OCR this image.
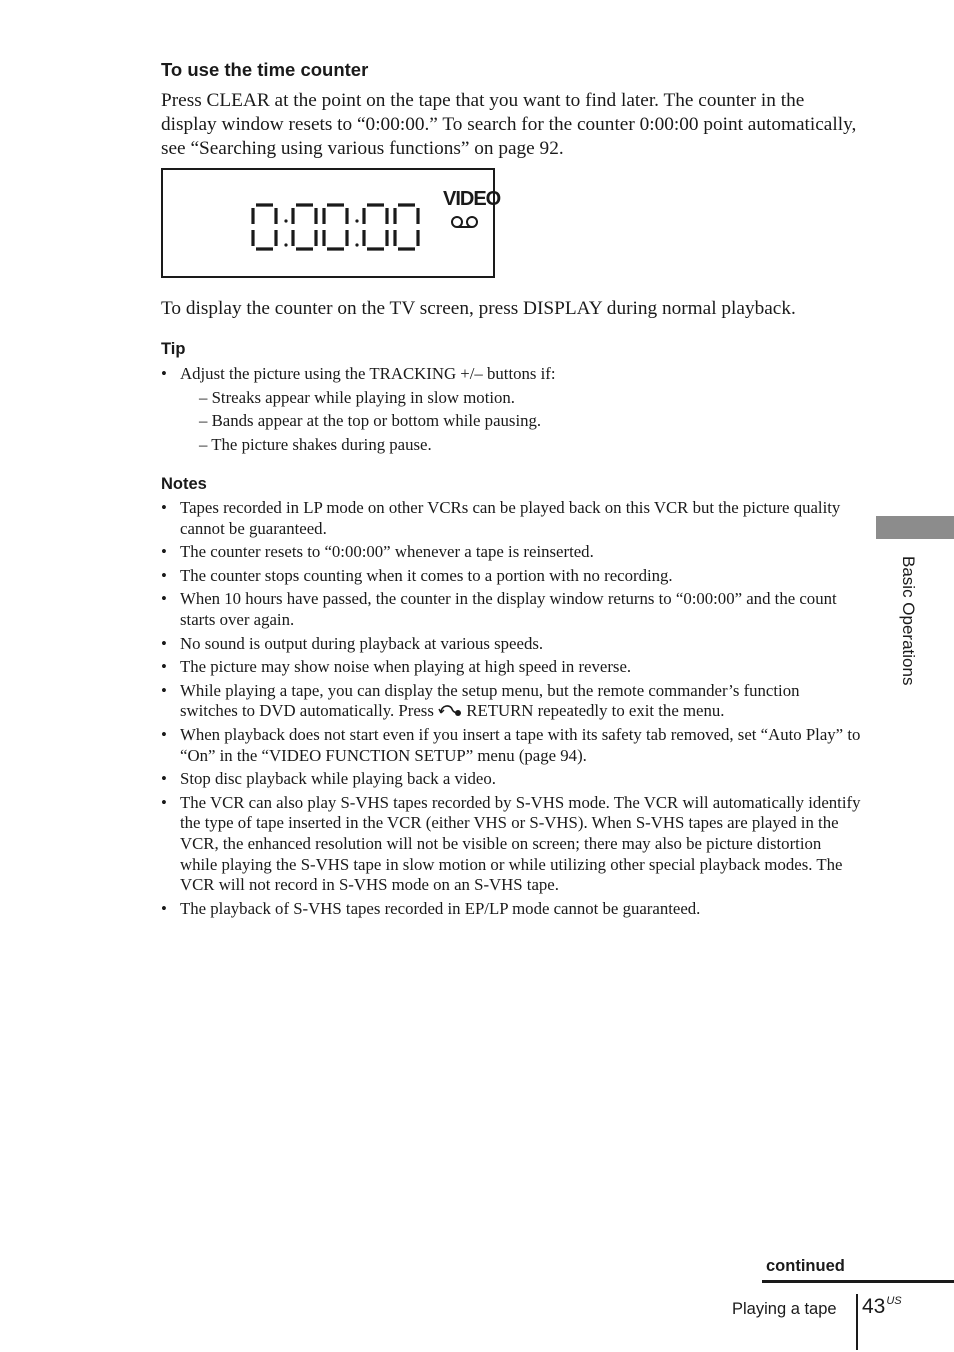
To use the time counter
Press CLEAR at the point on the tape that you want to find later. The counter in the display window resets to “0:00:00.” To search for the counter 0:00:00 point automatically, see “Searching using various functions” on page 92.
VIDEO
To display the counter on the TV screen, press DISPLAY during normal playback.
Tip
• Adjust the picture using the TRACKING +/– buttons if:
– Streaks appear while playing in slow motion.
– Bands appear at the top or bottom while pausing.
– The picture shakes during pause.
Notes
• Tapes recorded in LP mode on other VCRs can be played back on this VCR but the picture quality cannot be guaranteed.
• The counter resets to “0:00:00” whenever a tape is reinserted.
• The counter stops counting when it comes to a portion with no recording.
• When 10 hours have passed, the counter in the display window returns to “0:00:00” and the count starts over again.
• No sound is output during playback at various speeds.
• The picture may show noise when playing at high speed in reverse.
• While playing a tape, you can display the setup menu, but the remote commander’s function switches to DVD automatically. Press RETURN repeatedly to exit the menu.
• When playback does not start even if you insert a tape with its safety tab removed, set “Auto Play” to “On” in the “VIDEO FUNCTION SETUP” menu (page 94).
• Stop disc playback while playing back a video.
• The VCR can also play S-VHS tapes recorded by S-VHS mode. The VCR will automatically identify the type of tape inserted in the VCR (either VHS or S-VHS). When S-VHS tapes are played in the VCR, the enhanced resolution will not be visible on screen; there may also be picture distortion while playing the S-VHS tape in slow motion or while utilizing other special playback modes. The VCR will not record in S-VHS mode on an S-VHS tape.
• The playback of S-VHS tapes recorded in EP/LP mode cannot be guaranteed.
Basic Operations
continued
Playing a tape $43^{US}$
